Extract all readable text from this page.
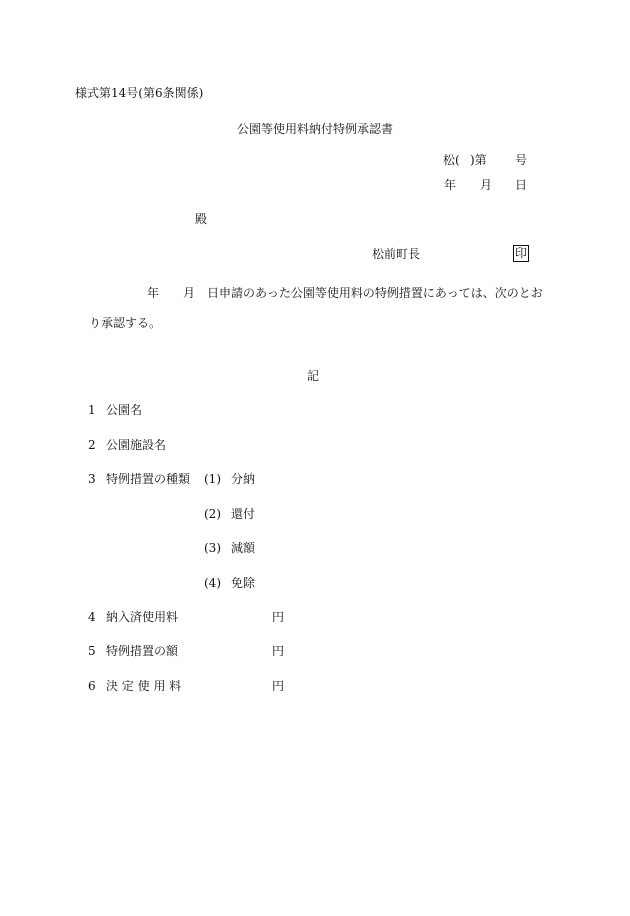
様式第14号(第6条関係)
公園等使用料納付特例承認書
松( )第 号
年 月 日
殿
松前町長	印
年 月 日申請のあった公園等使用料の特例措置にあっては、次のとお
り承認する。
記
1 公園名
2 公園施設名
3 特例措置の種類 (1) 分納
(2) 還付
(3) 減額
(4) 免除
4 納入済使用料	円
5 特例措置の額	円
6 決 定 使 用 料	円
